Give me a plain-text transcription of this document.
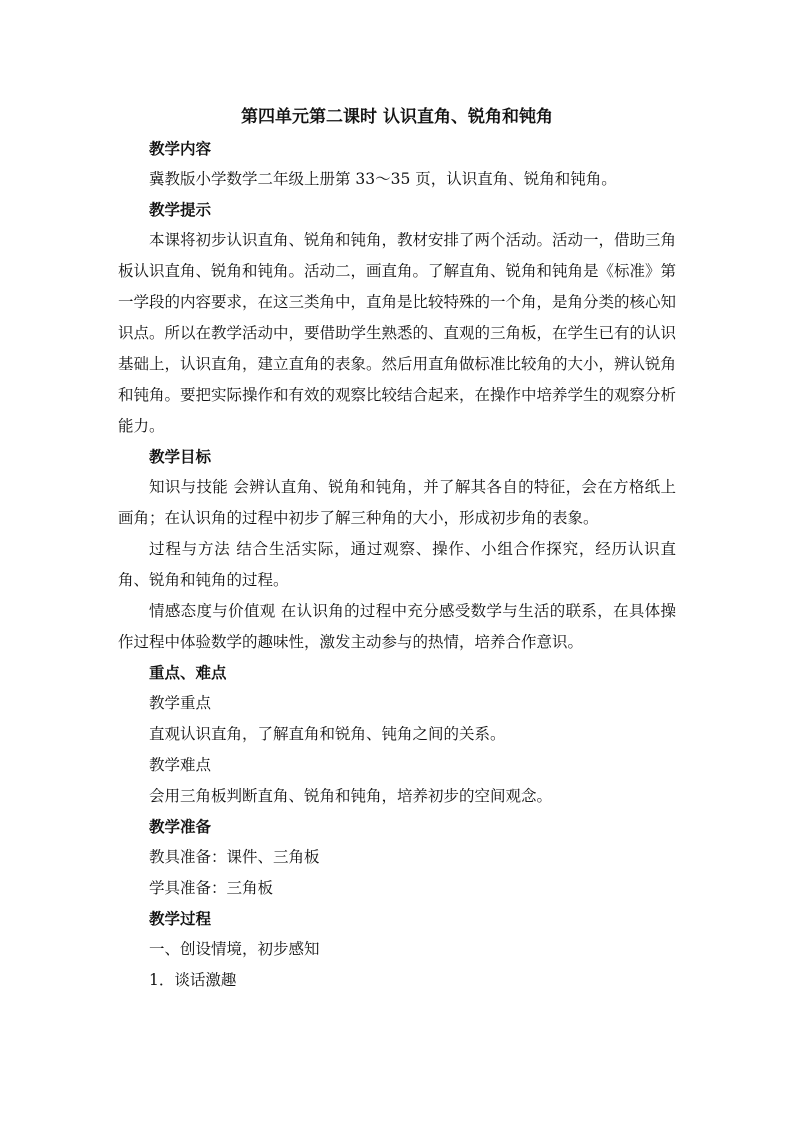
第四单元第二课时 认识直角、锐角和钝角

教学内容

冀教版小学数学二年级上册第 33～35 页，认识直角、锐角和钝角。

教学提示

本课将初步认识直角、锐角和钝角，教材安排了两个活动。活动一，借助三角板认识直角、锐角和钝角。活动二，画直角。了解直角、锐角和钝角是《标准》第一学段的内容要求，在这三类角中，直角是比较特殊的一个角，是角分类的核心知识点。所以在教学活动中，要借助学生熟悉的、直观的三角板，在学生已有的认识基础上，认识直角，建立直角的表象。然后用直角做标准比较角的大小，辨认锐角和钝角。要把实际操作和有效的观察比较结合起来，在操作中培养学生的观察分析能力。

教学目标

知识与技能 会辨认直角、锐角和钝角，并了解其各自的特征，会在方格纸上画角；在认识角的过程中初步了解三种角的大小，形成初步角的表象。

过程与方法 结合生活实际，通过观察、操作、小组合作探究，经历认识直角、锐角和钝角的过程。

情感态度与价值观 在认识角的过程中充分感受数学与生活的联系，在具体操作过程中体验数学的趣味性，激发主动参与的热情，培养合作意识。

重点、难点

教学重点

直观认识直角，了解直角和锐角、钝角之间的关系。

教学难点

会用三角板判断直角、锐角和钝角，培养初步的空间观念。

教学准备

教具准备：课件、三角板

学具准备：三角板

教学过程

一、创设情境，初步感知

1．谈话激趣
